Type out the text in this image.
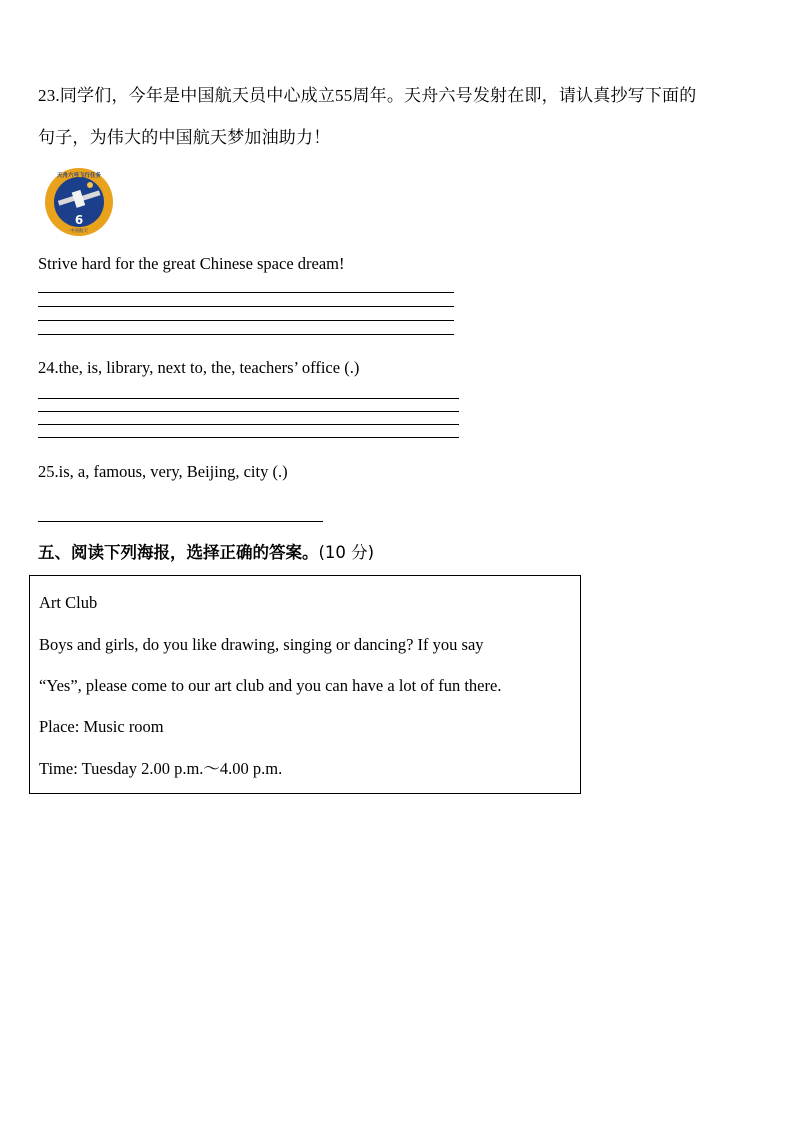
23.同学们，今年是中国航天员中心成立55周年。天舟六号发射在即，请认真抄写下面的
句子，为伟大的中国航天梦加油助力！
天舟六号飞行任务
中国航天
6
Strive hard for the great Chinese space dream!
24.the, is, library, next to, the, teachers’ office (.)
25.is, a, famous, very, Beijing, city (.)
五、阅读下列海报，选择正确的答案。(10 分)
Art Club
Boys and girls, do you like drawing, singing or dancing? If you say
“Yes”, please come to our art club and you can have a lot of fun there.
Place: Music room
Time: Tuesday 2.00 p.m.～4.00 p.m.
